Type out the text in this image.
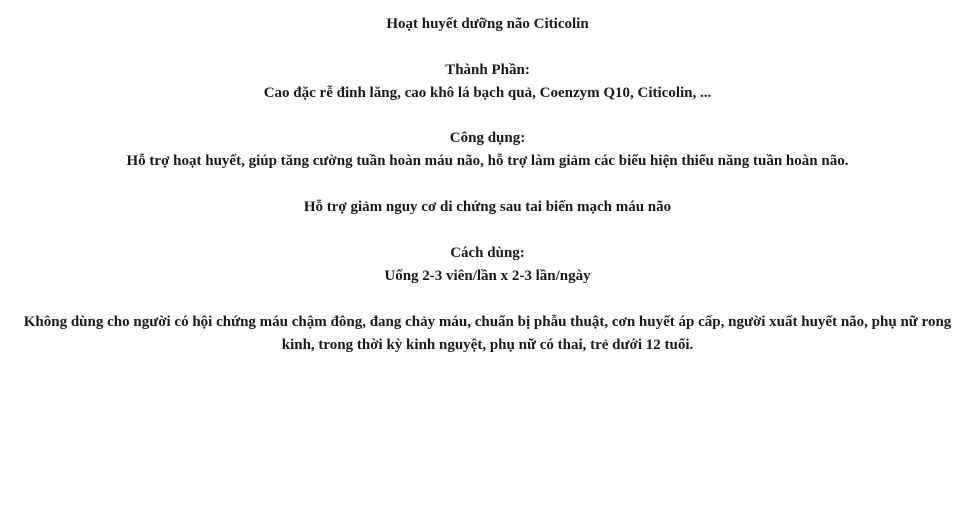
Hoạt huyết dưỡng não Citicolin
Thành Phần:
Cao đặc rễ đinh lăng, cao khô lá bạch quả, Coenzym Q10, Citicolin, ...
Công dụng:
Hỗ trợ hoạt huyết, giúp tăng cường tuần hoàn máu não, hỗ trợ làm giảm các biểu hiện thiểu năng tuần hoàn não.
Hỗ trợ giảm nguy cơ di chứng sau tai biến mạch máu não
Cách dùng:
Uống 2-3 viên/lần x 2-3 lần/ngày
Không dùng cho người có hội chứng máu chậm đông, đang chảy máu, chuẩn bị phẫu thuật, cơn huyết áp cấp, người xuất huyết não, phụ nữ rong
kinh, trong thời kỳ kinh nguyệt, phụ nữ có thai, trẻ dưới 12 tuổi.
